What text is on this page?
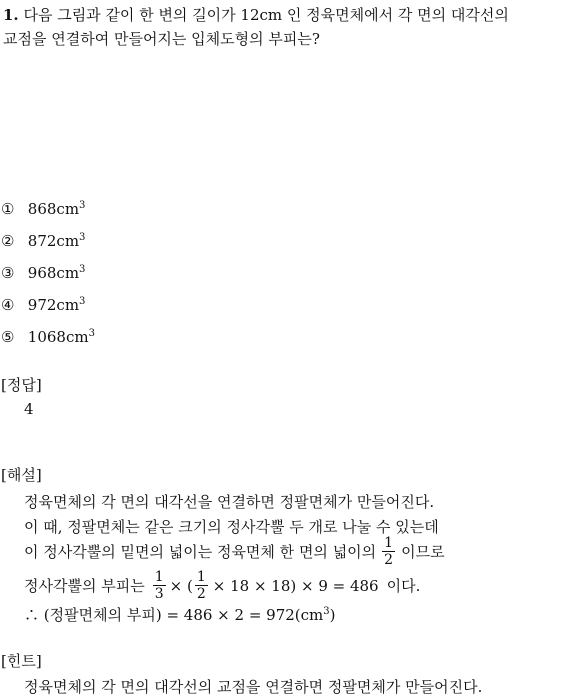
1. 다음 그림과 같이 한 변의 길이가 12cm 인 정육면체에서 각 면의 대각선의
교점을 연결하여 만들어지는 입체도형의 부피는?
① $868cm^3$
② $872cm^3$
③ $968cm^3$
④ $972cm^3$
⑤ $1068cm^3$
[정답]
4
[해설]
정육면체의 각 면의 대각선을 연결하면 정팔면체가 만들어진다.
이 때, 정팔면체는 같은 크기의 정사각뿔 두 개로 나눌 수 있는데
이 정사각뿔의 밑면의 넓이는 정육면체 한 면의 넓이의 $\frac{1}{2}$ 이므로
정사각뿔의 부피는 $\frac{1}{3}$ × ( $\frac{1}{2} \times 18 \times 18) \times 9 = 486$ 이다.
∴ (정팔면체의 부피) = $486 \times 2 = 972(cm^3)$
[힌트]
정육면체의 각 면의 대각선의 교점을 연결하면 정팔면체가 만들어진다.
